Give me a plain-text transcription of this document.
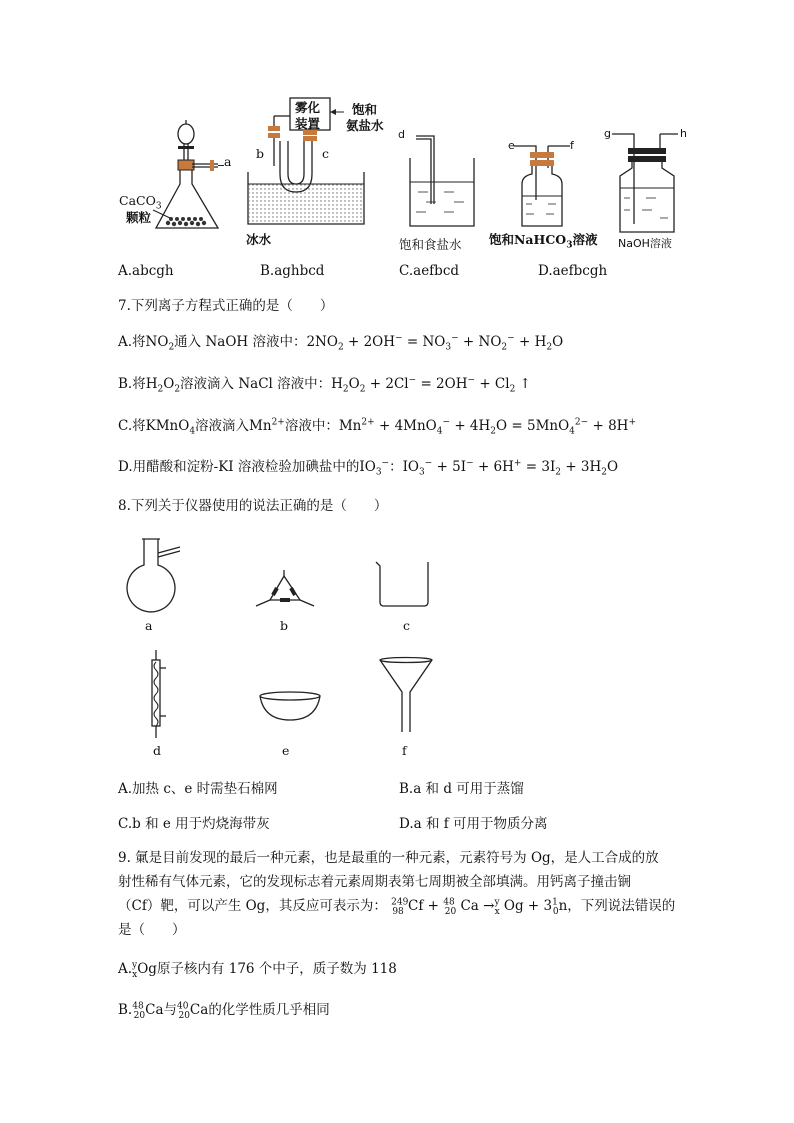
a
CaCO$_3$
颗粒
雾化
装置
饱和
氨盐水
b	c
冰水
d
饱和食盐水
e	f
饱和NaHCO$_3$溶液
g	h
NaOH溶液
A.abcgh	B.aghbcd	C.aefbcd	D.aefbcgh
7.下列离子方程式正确的是（　　）
A.将$NO_2$通入 NaOH 溶液中：$2NO_2 + 2OH^- = NO_3^- + NO_2^- + H_2O$
B.将$H_2O_2$溶液滴入 NaCl 溶液中：$H_2O_2 + 2Cl^- = 2OH^- + Cl_2$ ↑
C.将KMnO$_4$溶液滴入$Mn^{2+}$溶液中：$Mn^{2+} + 4MnO_4^- + 4H_2O = 5MnO_4^{2-} + 8H^+$
D.用醋酸和淀粉-KI 溶液检验加碘盐中的$IO_3^-$：$IO_3^- + 5I^- + 6H^+ = 3I_2 + 3H_2O$
8.下列关于仪器使用的说法正确的是（　　）
a	b	c
d	e	f
A.加热 c、e 时需垫石棉网	B.a 和 d 可用于蒸馏
C.b 和 e 用于灼烧海带灰	D.a 和 f 可用于物质分离
9. 氭是目前发现的最后一种元素，也是最重的一种元素，元素符号为 Og，是人工合成的放
射性稀有气体元素，它的发现标志着元素周期表第七周期被全部填满。用钙离子撞击锎
（Cf）靶，可以产生 Og，其反应可表示为： $^{249}_{98}$ Cf + $^{48}_{20}$ Ca →$^y_x$ $Og + 3^1_0n$，下列说法错误的
是（　　）
A.$^y_x$Og原子核内有 176 个中子，质子数为 118
B.$^{48}_{20}$Ca与$^{40}_{20}$Ca的化学性质几乎相同
